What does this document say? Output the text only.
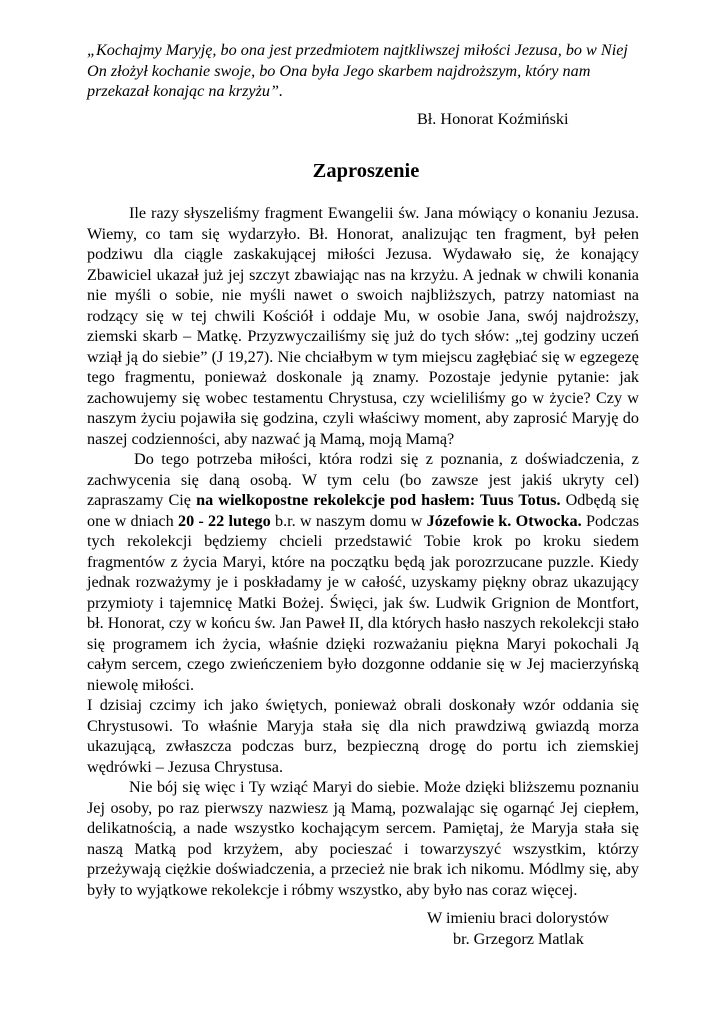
„Kochajmy Maryję, bo ona jest przedmiotem najtkliwszej miłości Jezusa, bo w Niej On złożył kochanie swoje, bo Ona była Jego skarbem najdroższym, który nam przekazał konając na krzyżu”.

Bł. Honorat Koźmiński

Zaproszenie

Ile razy słyszeliśmy fragment Ewangelii św. Jana mówiący o konaniu Jezusa. Wiemy, co tam się wydarzyło. Bł. Honorat, analizując ten fragment, był pełen podziwu dla ciągle zaskakującej miłości Jezusa. Wydawało się, że konający Zbawiciel ukazał już jej szczyt zbawiając nas na krzyżu. A jednak w chwili konania nie myśli o sobie, nie myśli nawet o swoich najbliższych, patrzy natomiast na rodzący się w tej chwili Kościół i oddaje Mu, w osobie Jana, swój najdroższy, ziemski skarb – Matkę. Przyzwyczailiśmy się już do tych słów: „tej godziny uczeń wziął ją do siebie” (J 19,27). Nie chciałbym w tym miejscu zagłębiać się w egzegezę tego fragmentu, ponieważ doskonale ją znamy. Pozostaje jedynie pytanie: jak zachowujemy się wobec testamentu Chrystusa, czy wcieliliśmy go w życie? Czy w naszym życiu pojawiła się godzina, czyli właściwy moment, aby zaprosić Maryję do naszej codzienności, aby nazwać ją Mamą, moją Mamą?

Do tego potrzeba miłości, która rodzi się z poznania, z doświadczenia, z zachwycenia się daną osobą. W tym celu (bo zawsze jest jakiś ukryty cel) zapraszamy Cię na wielkopostne rekolekcje pod hasłem: Tuus Totus. Odbędą się one w dniach 20 - 22 lutego b.r. w naszym domu w Józefowie k. Otwocka. Podczas tych rekolekcji będziemy chcieli przedstawić Tobie krok po kroku siedem fragmentów z życia Maryi, które na początku będą jak porozrzucane puzzle. Kiedy jednak rozważymy je i poskładamy je w całość, uzyskamy piękny obraz ukazujący przymioty i tajemnicę Matki Bożej. Święci, jak św. Ludwik Grignion de Montfort, bł. Honorat, czy w końcu św. Jan Paweł II, dla których hasło naszych rekolekcji stało się programem ich życia, właśnie dzięki rozważaniu piękna Maryi pokochali Ją całym sercem, czego zwieńczeniem było dozgonne oddanie się w Jej macierzyńską niewolę miłości.

I dzisiaj czcimy ich jako świętych, ponieważ obrali doskonały wzór oddania się Chrystusowi. To właśnie Maryja stała się dla nich prawdziwą gwiazdą morza ukazującą, zwłaszcza podczas burz, bezpieczną drogę do portu ich ziemskiej wędrówki – Jezusa Chrystusa.

Nie bój się więc i Ty wziąć Maryi do siebie. Może dzięki bliższemu poznaniu Jej osoby, po raz pierwszy nazwiesz ją Mamą, pozwalając się ogarnąć Jej ciepłem, delikatnością, a nade wszystko kochającym sercem. Pamiętaj, że Maryja stała się naszą Matką pod krzyżem, aby pocieszać i towarzyszyć wszystkim, którzy przeżywają ciężkie doświadczenia, a przecież nie brak ich nikomu. Módlmy się, aby były to wyjątkowe rekolekcje i róbmy wszystko, aby było nas coraz więcej.

W imieniu braci dolorystów

br. Grzegorz Matlak
